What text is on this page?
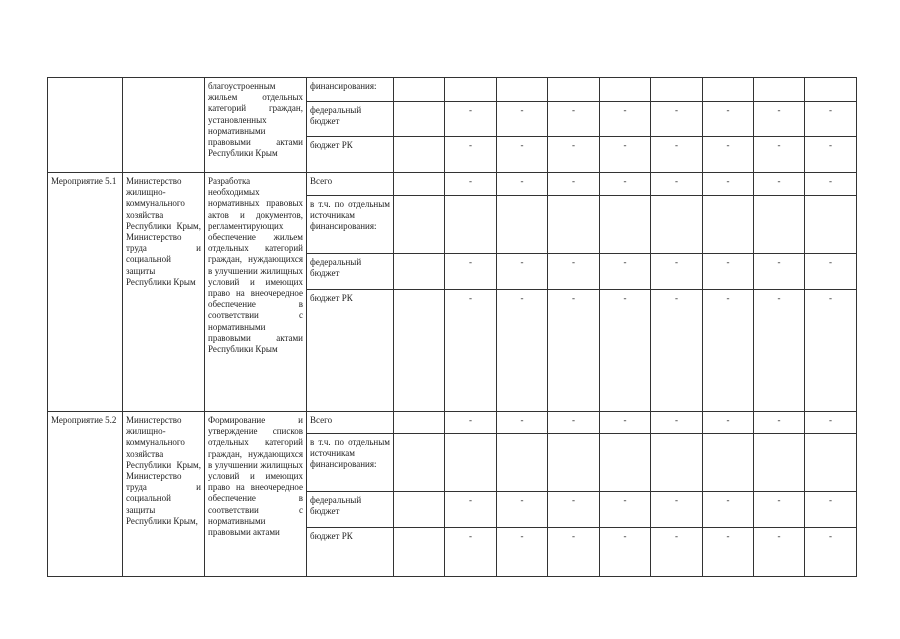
		благоустроенным жильем отдельных категорий граждан, установленных нормативными правовыми актами Республики Крым	финансирования:									
			федеральный бюджет		-	-	-	-	-	-	-	-
			бюджет РК		-	-	-	-	-	-	-	-
Мероприятие 5.1	Министерство жилищно-коммунального хозяйства Республики Крым, Министерство труда и социальной защиты Республики Крым	Разработка необходимых нормативных правовых актов и документов, регламентирующих обеспечение жильем отдельных категорий граждан, нуждающихся в улучшении жилищных условий и имеющих право на внеочередное обеспечение в соответствии с нормативными правовыми актами Республики Крым	Всего		-	-	-	-	-	-	-	-
			в т.ч. по отдельным источникам финансирования:									
			федеральный бюджет		-	-	-	-	-	-	-	-
			бюджет РК		-	-	-	-	-	-	-	-
Мероприятие 5.2	Министерство жилищно-коммунального хозяйства Республики Крым, Министерство труда и социальной защиты Республики Крым,	Формирование и утверждение списков отдельных категорий граждан, нуждающихся в улучшении жилищных условий и имеющих право на внеочередное обеспечение в соответствии с нормативными правовыми актами	Всего		-	-	-	-	-	-	-	-
			в т.ч. по отдельным источникам финансирования:									
			федеральный бюджет		-	-	-	-	-	-	-	-
			бюджет РК		-	-	-	-	-	-	-	-
